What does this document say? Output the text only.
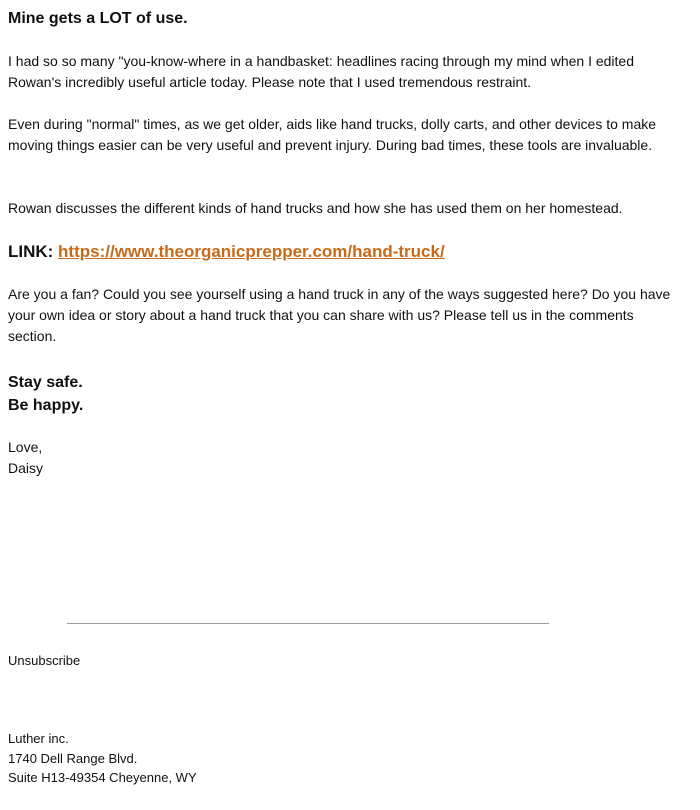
Mine gets a LOT of use.

I had so so many "you-know-where in a handbasket: headlines racing through my mind when I edited Rowan's incredibly useful article today. Please note that I used tremendous restraint.

Even during "normal" times, as we get older, aids like hand trucks, dolly carts, and other devices to make moving things easier can be very useful and prevent injury. During bad times, these tools are invaluable.

Rowan discusses the different kinds of hand trucks and how she has used them on her homestead.

LINK: https://www.theorganicprepper.com/hand-truck/

Are you a fan? Could you see yourself using a hand truck in any of the ways suggested here? Do you have your own idea or story about a hand truck that you can share with us? Please tell us in the comments section.

Stay safe.
Be happy.
Love,
Daisy
Unsubscribe
Luther inc.
1740 Dell Range Blvd.
Suite H13-49354 Cheyenne, WY
